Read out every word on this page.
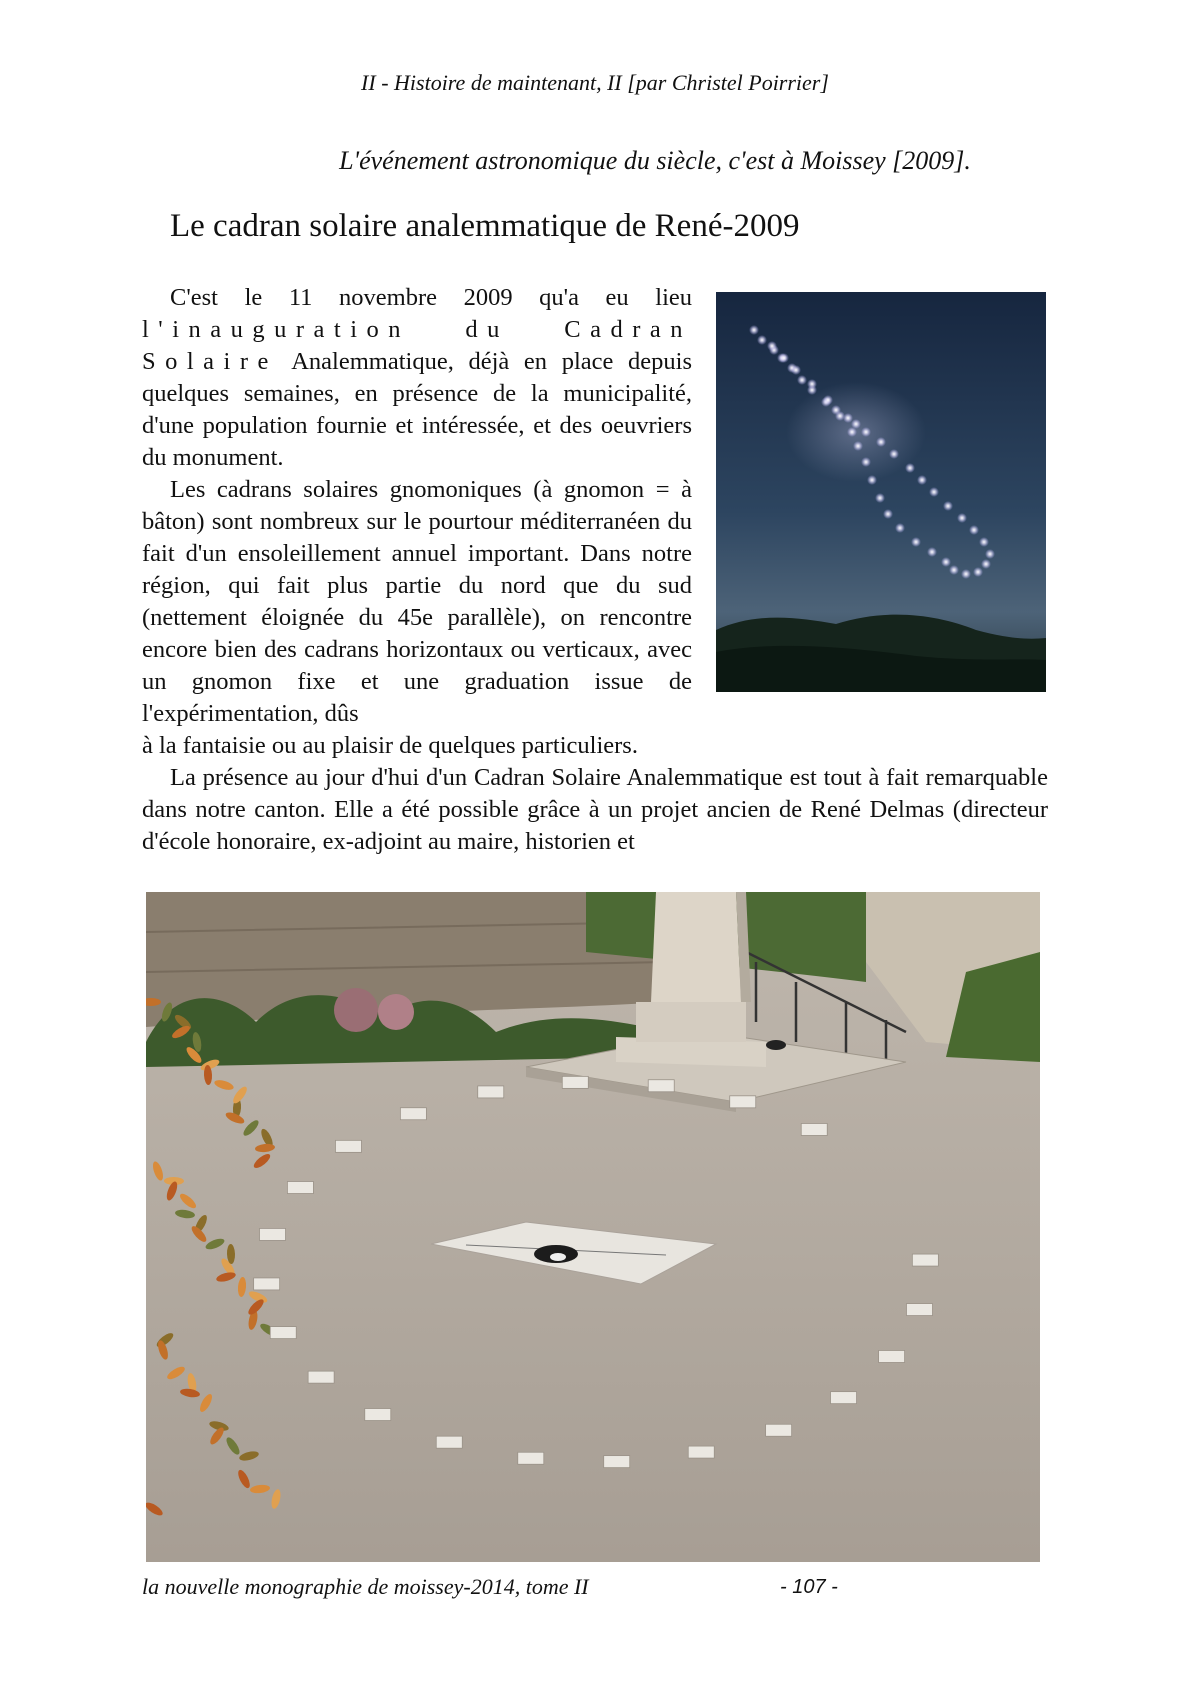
II - Histoire de maintenant, II [par Christel Poirrier]
L'événement astronomique du siècle, c'est à Moissey [2009].
Le cadran solaire analemmatique de René-2009

C'est le 11 novembre 2009 qu'a eu lieu l'inauguration du Cadran Solaire Analemmatique, déjà en place depuis quelques semaines, en présence de la municipalité, d'une population fournie et intéressée, et des oeuvriers du monument.

Les cadrans solaires gnomoniques (à gnomon = à bâton) sont nombreux sur le pourtour méditerranéen du fait d'un ensoleillement annuel important. Dans notre région, qui fait plus partie du nord que du sud (nettement éloignée du 45e parallèle), on rencontre encore bien des cadrans horizontaux ou verticaux, avec un gnomon fixe et une graduation issue de l'expérimentation, dûs
à la fantaisie ou au plaisir de quelques particuliers.

La présence au jour d'hui d'un Cadran Solaire Analemmatique est tout à fait remarquable dans notre canton. Elle a été possible grâce à un projet ancien de René Delmas (directeur d'école honoraire, ex-adjoint au maire, historien et

la nouvelle monographie de moissey-2014, tome II	- 107 -
